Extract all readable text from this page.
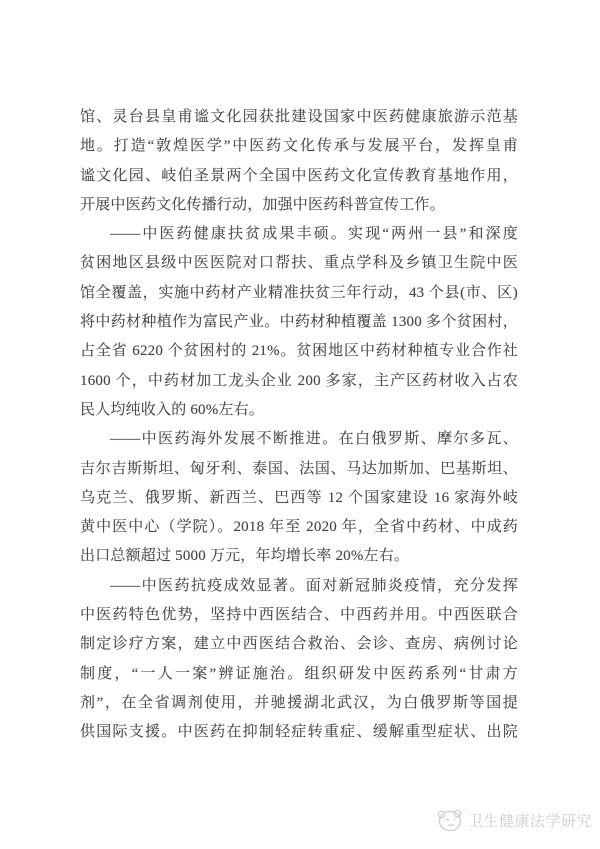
馆、灵台县皇甫谧文化园获批建设国家中医药健康旅游示范基
地。打造“敦煌医学”中医药文化传承与发展平台，发挥皇甫
谧文化园、岐伯圣景两个全国中医药文化宣传教育基地作用，
开展中医药文化传播行动，加强中医药科普宣传工作。
——中医药健康扶贫成果丰硕。实现“两州一县”和深度
贫困地区县级中医医院对口帮扶、重点学科及乡镇卫生院中医
馆全覆盖，实施中药材产业精准扶贫三年行动，43 个县(市、区)
将中药材种植作为富民产业。中药材种植覆盖 1300 多个贫困村，
占全省 6220 个贫困村的 21%。贫困地区中药材种植专业合作社
1600 个，中药材加工龙头企业 200 多家，主产区药材收入占农
民人均纯收入的 60%左右。
——中医药海外发展不断推进。在白俄罗斯、摩尔多瓦、
吉尔吉斯斯坦、匈牙利、泰国、法国、马达加斯加、巴基斯坦、
乌克兰、俄罗斯、新西兰、巴西等 12 个国家建设 16 家海外岐
黄中医中心（学院）。2018 年至 2020 年，全省中药材、中成药
出口总额超过 5000 万元，年均增长率 20%左右。
——中医药抗疫成效显著。面对新冠肺炎疫情，充分发挥
中医药特色优势，坚持中西医结合、中西药并用。中西医联合
制定诊疗方案，建立中西医结合救治、会诊、查房、病例讨论
制度，“一人一案”辨证施治。组织研发中医药系列“甘肃方
剂”，在全省调剂使用，并驰援湖北武汉，为白俄罗斯等国提
供国际支援。中医药在抑制轻症转重症、缓解重型症状、出院
卫生健康法学研究
